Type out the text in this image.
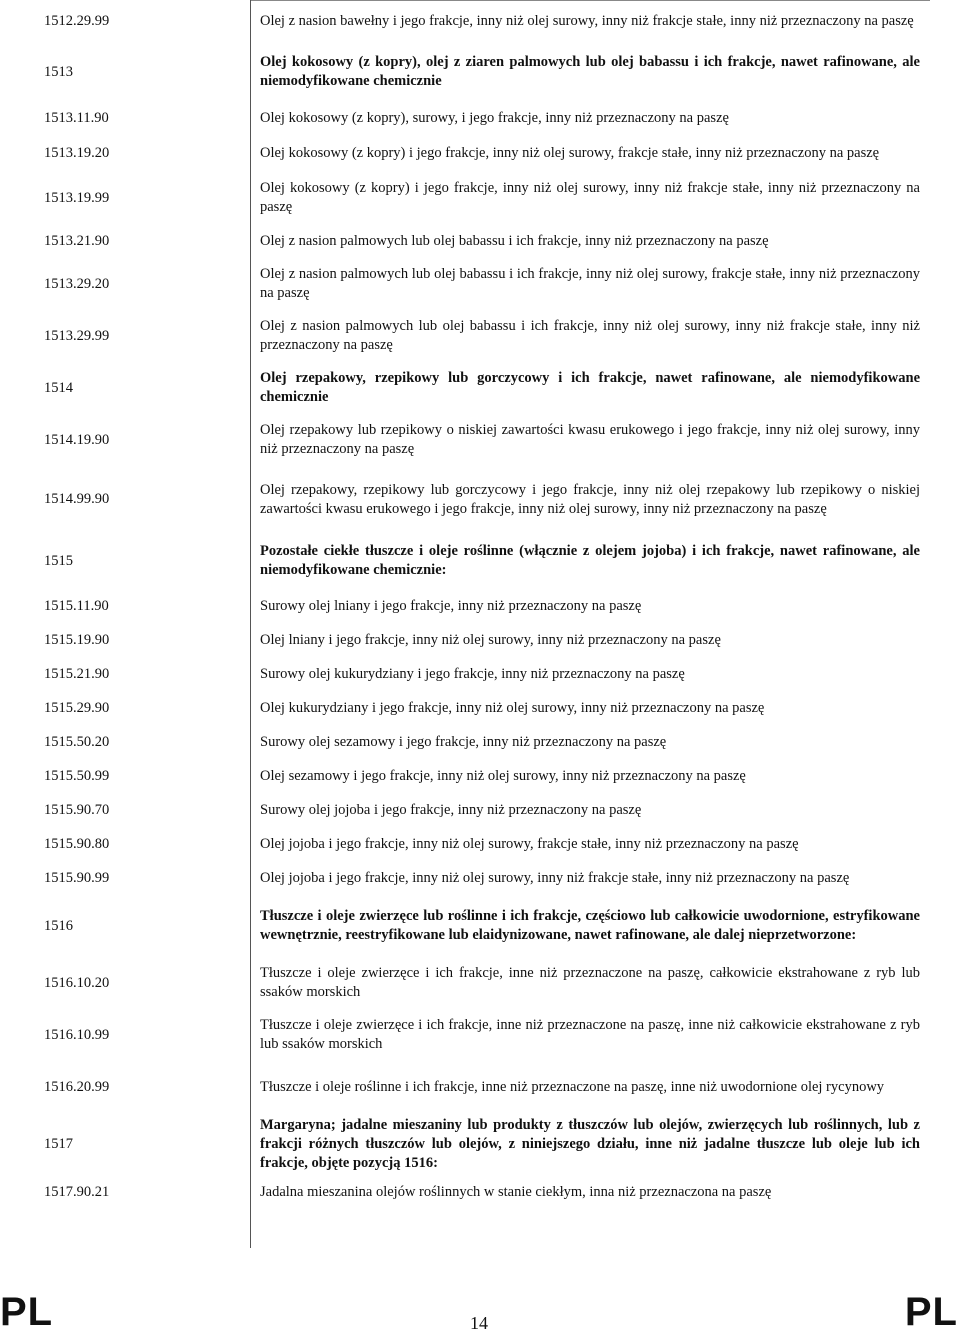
1512.29.99	Olej z nasion bawełny i jego frakcje, inny niż olej surowy, inny niż frakcje stałe, inny niż przeznaczony na paszę
1513	Olej kokosowy (z kopry), olej z ziaren palmowych lub olej babassu i ich frakcje, nawet rafinowane, ale niemodyfikowane chemicznie
1513.11.90	Olej kokosowy (z kopry), surowy, i jego frakcje, inny niż przeznaczony na paszę
1513.19.20	Olej kokosowy (z kopry) i jego frakcje, inny niż olej surowy, frakcje stałe, inny niż przeznaczony na paszę
1513.19.99	Olej kokosowy (z kopry) i jego frakcje, inny niż olej surowy, inny niż frakcje stałe, inny niż przeznaczony na paszę
1513.21.90	Olej z nasion palmowych lub olej babassu i ich frakcje, inny niż przeznaczony na paszę
1513.29.20	Olej z nasion palmowych lub olej babassu i ich frakcje, inny niż olej surowy, frakcje stałe, inny niż przeznaczony na paszę
1513.29.99	Olej z nasion palmowych lub olej babassu i ich frakcje, inny niż olej surowy, inny niż frakcje stałe, inny niż przeznaczony na paszę
1514	Olej rzepakowy, rzepikowy lub gorczycowy i ich frakcje, nawet rafinowane, ale niemodyfikowane chemicznie
1514.19.90	Olej rzepakowy lub rzepikowy o niskiej zawartości kwasu erukowego i jego frakcje, inny niż olej surowy, inny niż przeznaczony na paszę
1514.99.90	Olej rzepakowy, rzepikowy lub gorczycowy i jego frakcje, inny niż olej rzepakowy lub rzepikowy o niskiej zawartości kwasu erukowego i jego frakcje, inny niż olej surowy, inny niż przeznaczony na paszę
1515	Pozostałe ciekłe tłuszcze i oleje roślinne (włącznie z olejem jojoba) i ich frakcje, nawet rafinowane, ale niemodyfikowane chemicznie:
1515.11.90	Surowy olej lniany i jego frakcje, inny niż przeznaczony na paszę
1515.19.90	Olej lniany i jego frakcje, inny niż olej surowy, inny niż przeznaczony na paszę
1515.21.90	Surowy olej kukurydziany i jego frakcje, inny niż przeznaczony na paszę
1515.29.90	Olej kukurydziany i jego frakcje, inny niż olej surowy, inny niż przeznaczony na paszę
1515.50.20	Surowy olej sezamowy i jego frakcje, inny niż przeznaczony na paszę
1515.50.99	Olej sezamowy i jego frakcje, inny niż olej surowy, inny niż przeznaczony na paszę
1515.90.70	Surowy olej jojoba i jego frakcje, inny niż przeznaczony na paszę
1515.90.80	Olej jojoba i jego frakcje, inny niż olej surowy, frakcje stałe, inny niż przeznaczony na paszę
1515.90.99	Olej jojoba i jego frakcje, inny niż olej surowy, inny niż frakcje stałe, inny niż przeznaczony na paszę
1516	Tłuszcze i oleje zwierzęce lub roślinne i ich frakcje, częściowo lub całkowicie uwodornione, estryfikowane wewnętrznie, reestryfikowane lub elaidynizowane, nawet rafinowane, ale dalej nieprzetworzone:
1516.10.20	Tłuszcze i oleje zwierzęce i ich frakcje, inne niż przeznaczone na paszę, całkowicie ekstrahowane z ryb lub ssaków morskich
1516.10.99	Tłuszcze i oleje zwierzęce i ich frakcje, inne niż przeznaczone na paszę, inne niż całkowicie ekstrahowane z ryb lub ssaków morskich
1516.20.99	Tłuszcze i oleje roślinne i ich frakcje, inne niż przeznaczone na paszę, inne niż uwodornione olej rycynowy
1517	Margaryna; jadalne mieszaniny lub produkty z tłuszczów lub olejów, zwierzęcych lub roślinnych, lub z frakcji różnych tłuszczów lub olejów, z niniejszego działu, inne niż jadalne tłuszcze lub oleje lub ich frakcje, objęte pozycją 1516:
1517.90.21	Jadalna mieszanina olejów roślinnych w stanie ciekłym, inna niż przeznaczona na paszę
PL	14	PL
